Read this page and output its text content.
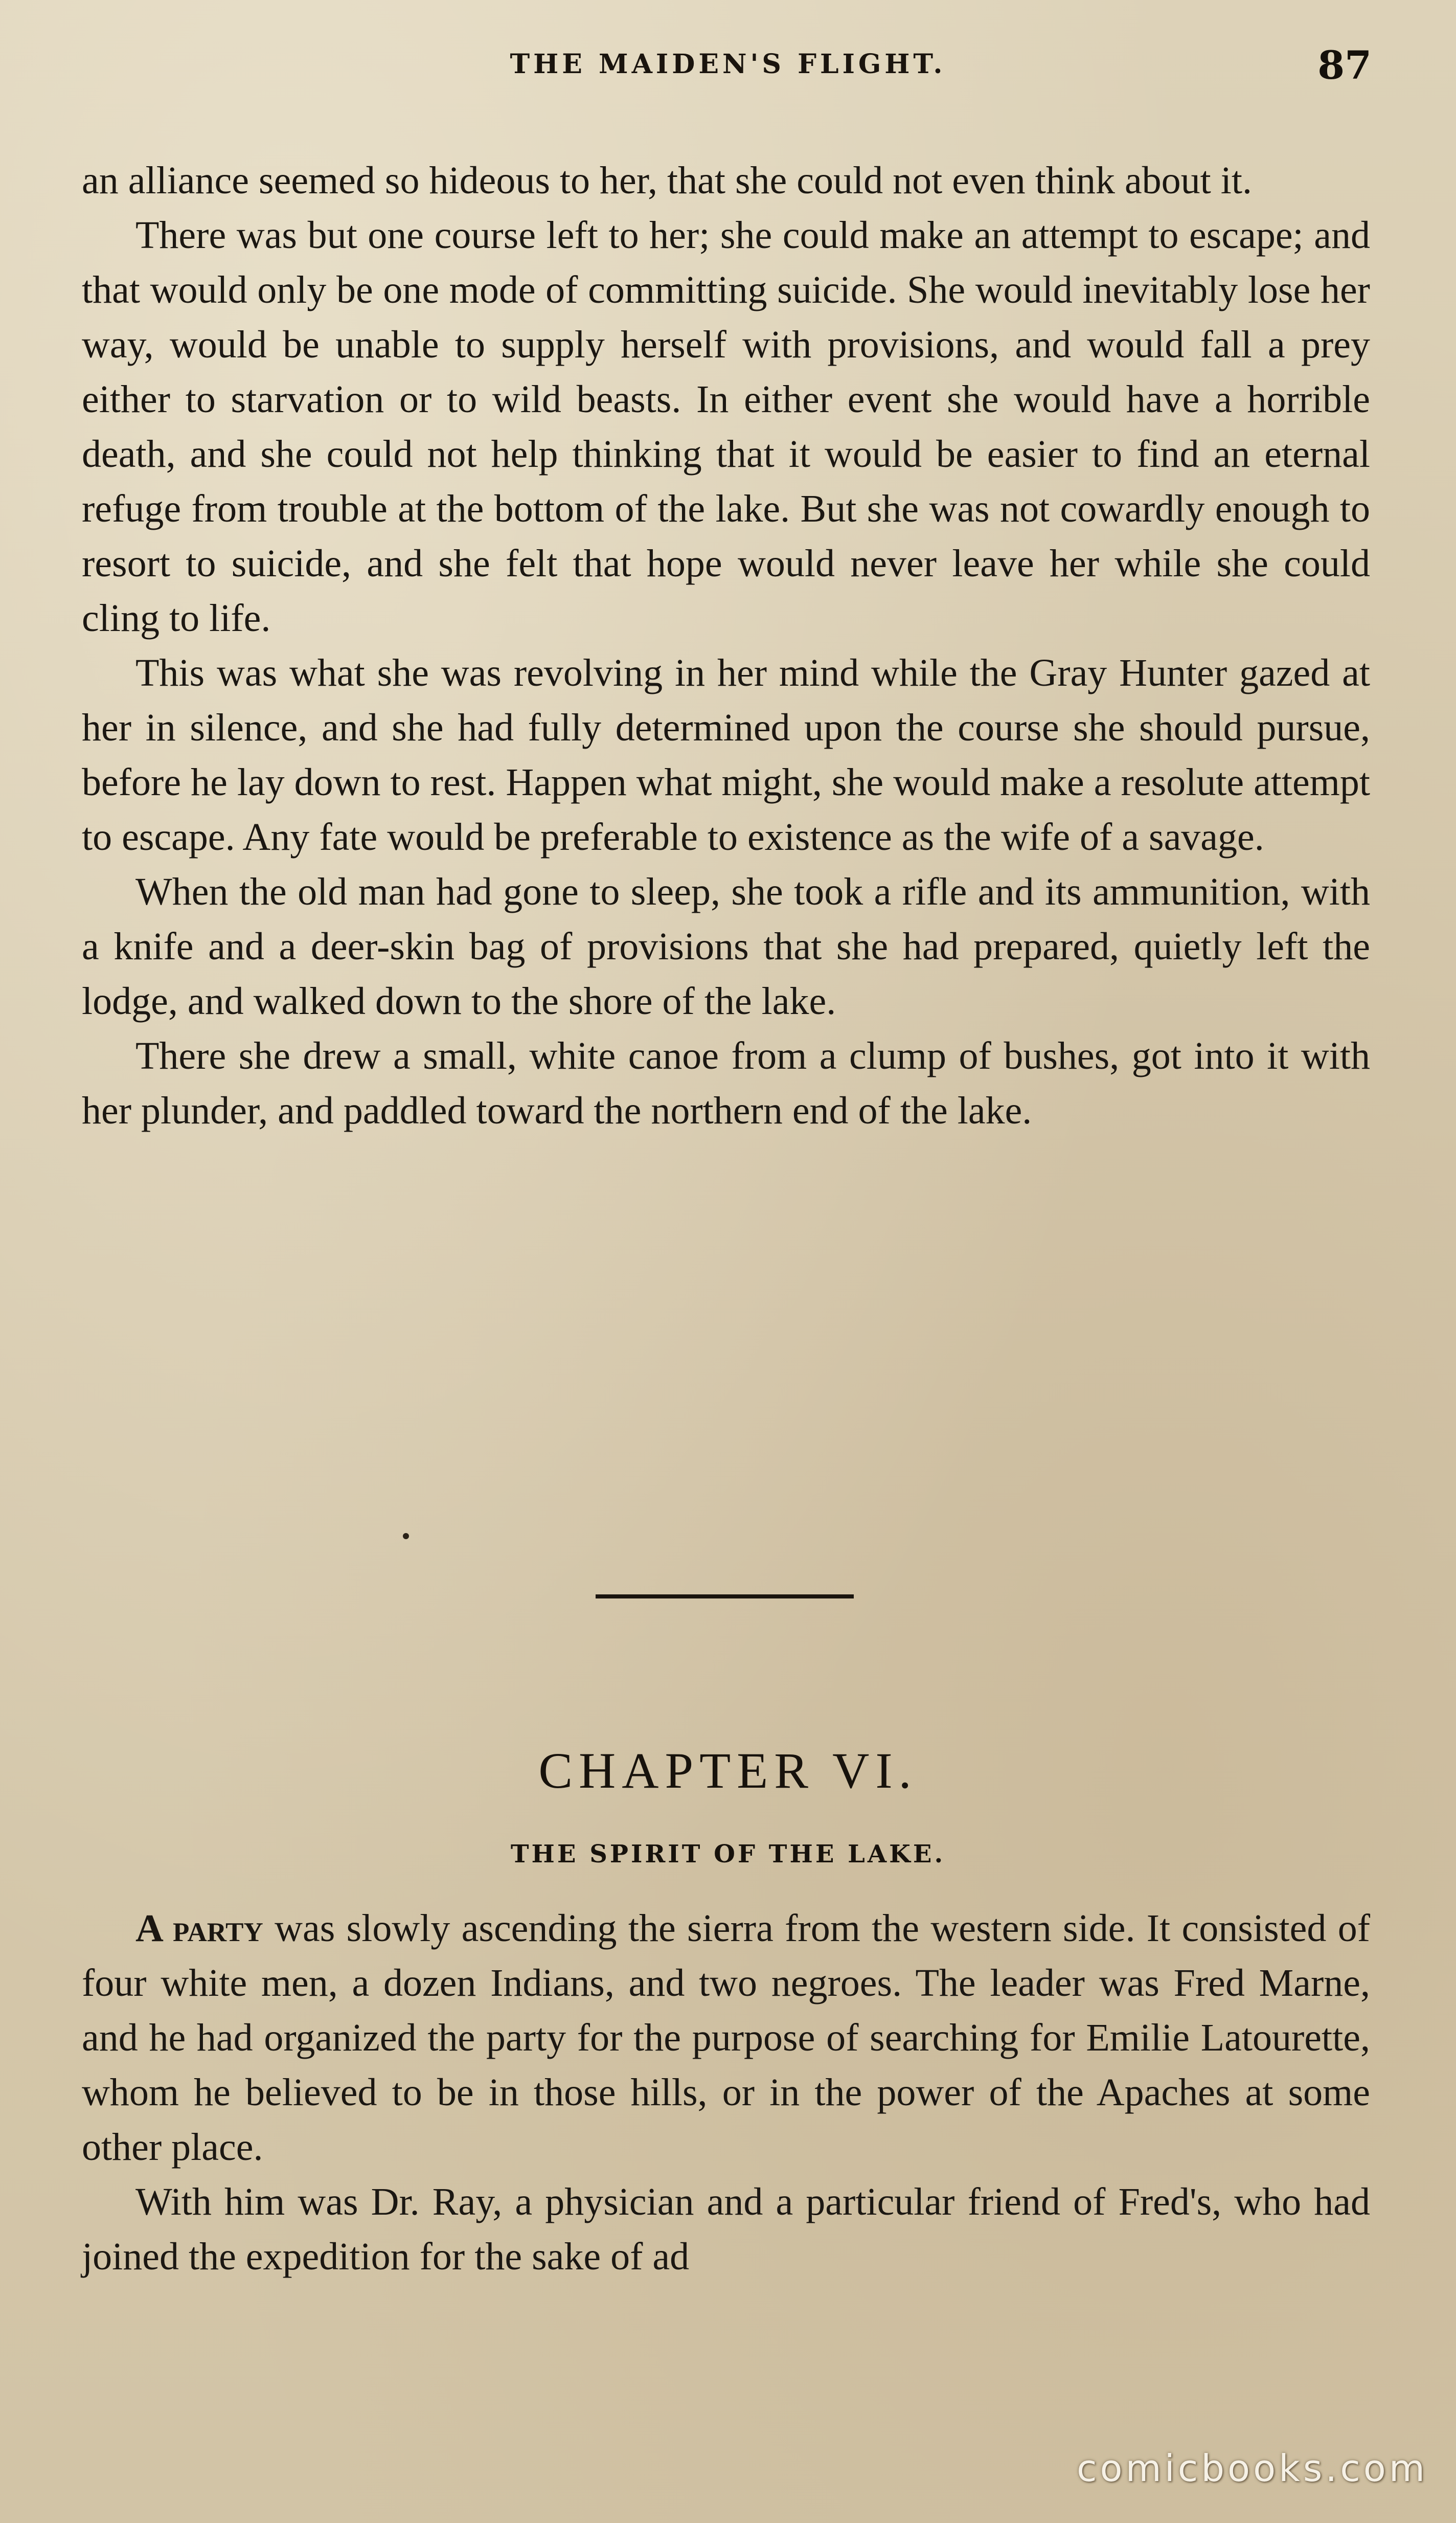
THE MAIDEN'S FLIGHT.	87

an alliance seemed so hideous to her, that she could not even think about it.

There was but one course left to her; she could make an attempt to escape; and that would only be one mode of committing suicide. She would inevitably lose her way, would be unable to supply herself with provisions, and would fall a prey either to starvation or to wild beasts. In either event she would have a horrible death, and she could not help thinking that it would be easier to find an eternal refuge from trouble at the bottom of the lake. But she was not cowardly enough to resort to suicide, and she felt that hope would never leave her while she could cling to life.

This was what she was revolving in her mind while the Gray Hunter gazed at her in silence, and she had fully determined upon the course she should pursue, before he lay down to rest. Happen what might, she would make a resolute attempt to escape. Any fate would be preferable to existence as the wife of a savage.

When the old man had gone to sleep, she took a rifle and its ammunition, with a knife and a deer-skin bag of provisions that she had prepared, quietly left the lodge, and walked down to the shore of the lake.

There she drew a small, white canoe from a clump of bushes, got into it with her plunder, and paddled toward the northern end of the lake.

CHAPTER VI.
THE SPIRIT OF THE LAKE.

A party was slowly ascending the sierra from the western side. It consisted of four white men, a dozen Indians, and two negroes. The leader was Fred Marne, and he had organized the party for the purpose of searching for Emilie Latourette, whom he believed to be in those hills, or in the power of the Apaches at some other place.

With him was Dr. Ray, a physician and a particular friend of Fred's, who had joined the expedition for the sake of ad

comicbooks.com
